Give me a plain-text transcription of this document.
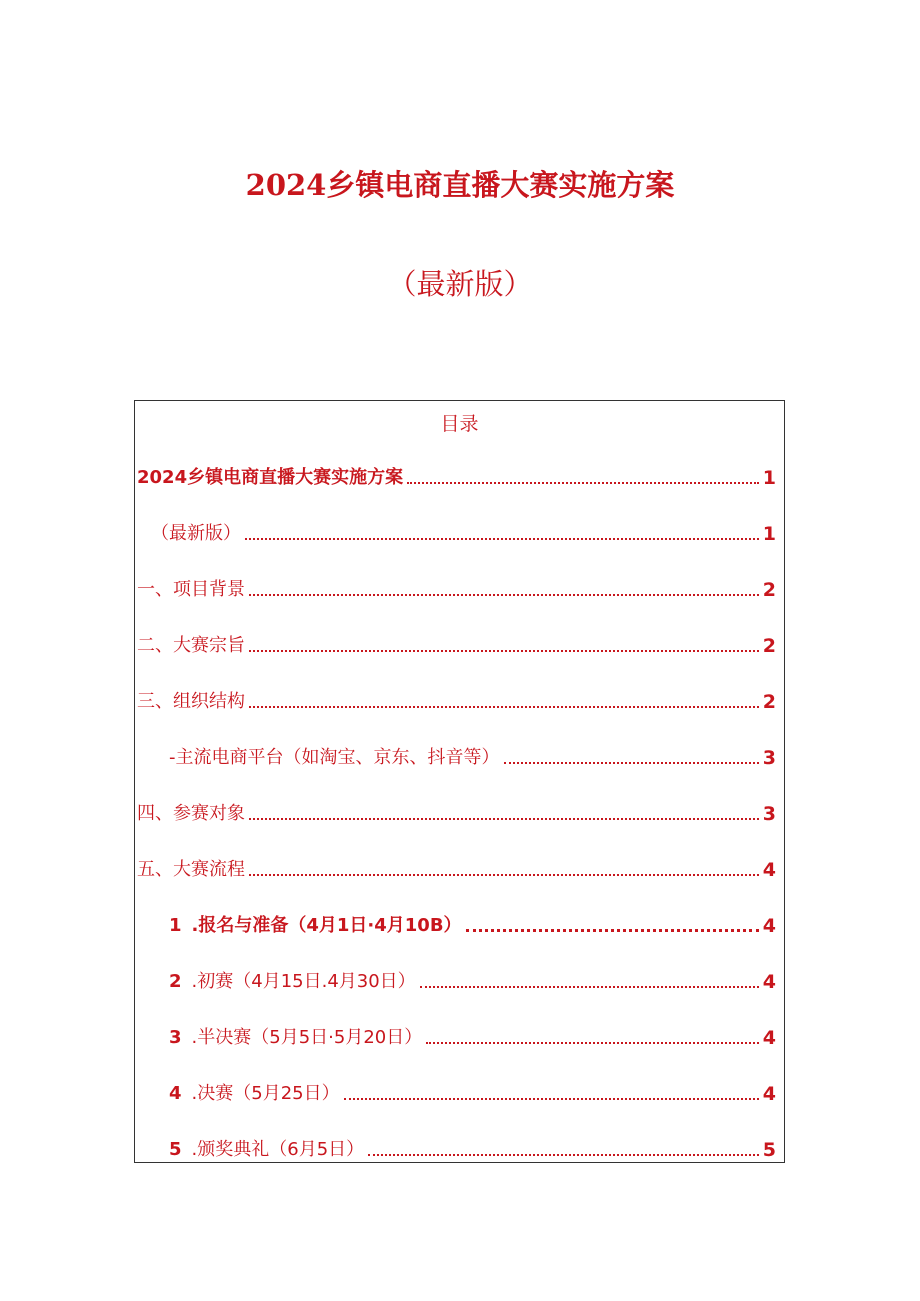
2024乡镇电商直播大赛实施方案
（最新版）
目录
2024乡镇电商直播大赛实施方案	1
（最新版）	1
一、项目背景	2
二、大赛宗旨	2
三、组织结构	2
-主流电商平台（如淘宝、京东、抖音等）	3
四、参赛对象	3
五、大赛流程	4
1 .报名与准备（4月1日·4月10B）	4
2 .初赛（4月15日.4月30日）	4
3 .半决赛（5月5日·5月20日）	4
4 .决赛（5月25日）	4
5 .颁奖典礼（6月5日）	5
